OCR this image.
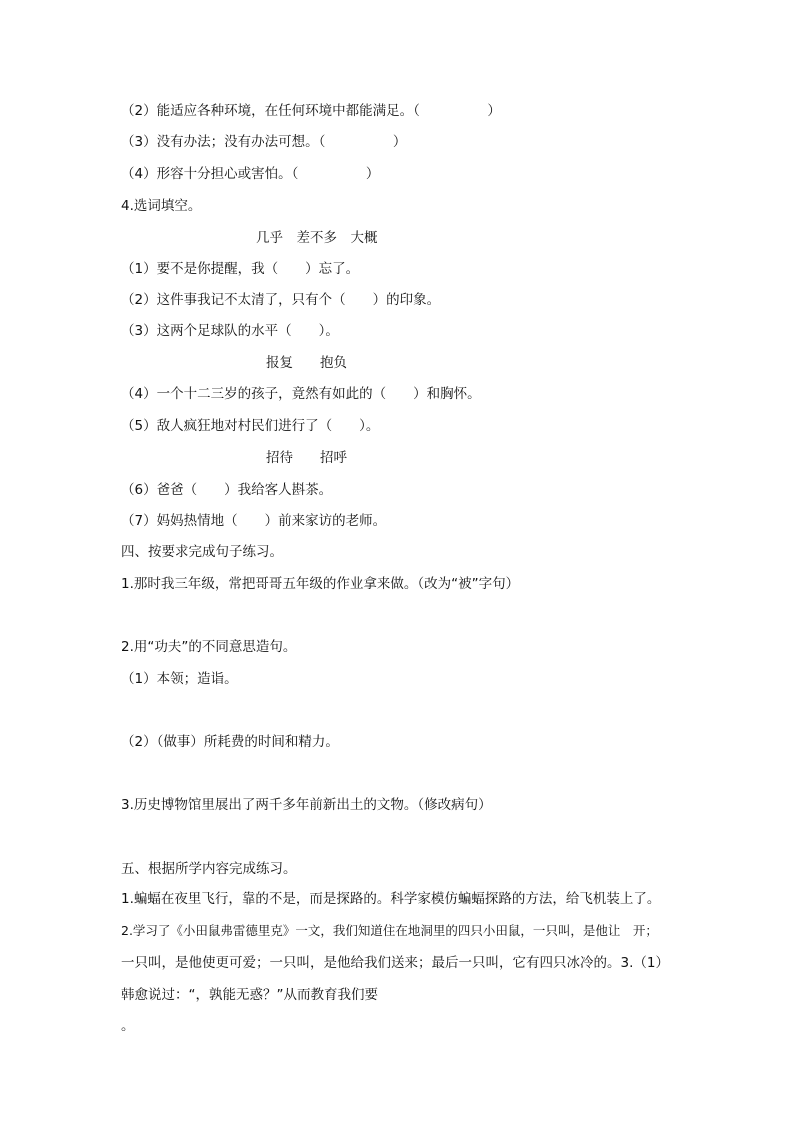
（2）能适应各种环境，在任何环境中都能满足。（　　　　　）
（3）没有办法；没有办法可想。（　　　　　）
（4）形容十分担心或害怕。（　　　　　）
4.选词填空。
几乎　差不多　大概
（1）要不是你提醒，我（　　）忘了。
（2）这件事我记不太清了，只有个（　　）的印象。
（3）这两个足球队的水平（　　）。
报复　　抱负
（4）一个十二三岁的孩子，竟然有如此的（　　）和胸怀。
（5）敌人疯狂地对村民们进行了（　　）。
招待　　招呼
（6）爸爸（　　）我给客人斟茶。
（7）妈妈热情地（　　）前来家访的老师。
四、按要求完成句子练习。
1.那时我三年级，常把哥哥五年级的作业拿来做。（改为“被”字句）
2.用“功夫”的不同意思造句。
（1）本领；造诣。
（2）（做事）所耗费的时间和精力。
3.历史博物馆里展出了两千多年前新出土的文物。（修改病句）
五、根据所学内容完成练习。
1.蝙蝠在夜里飞行，靠的不是，而是探路的。科学家模仿蝙蝠探路的方法，给飞机装上了。
2.学习了《小田鼠弗雷德里克》一文，我们知道住在地洞里的四只小田鼠，一只叫，是他让　开；
一只叫，是他使更可爱；一只叫，是他给我们送来；最后一只叫，它有四只冰冷的。3.（1）
韩愈说过：“，孰能无惑？”从而教育我们要
。
